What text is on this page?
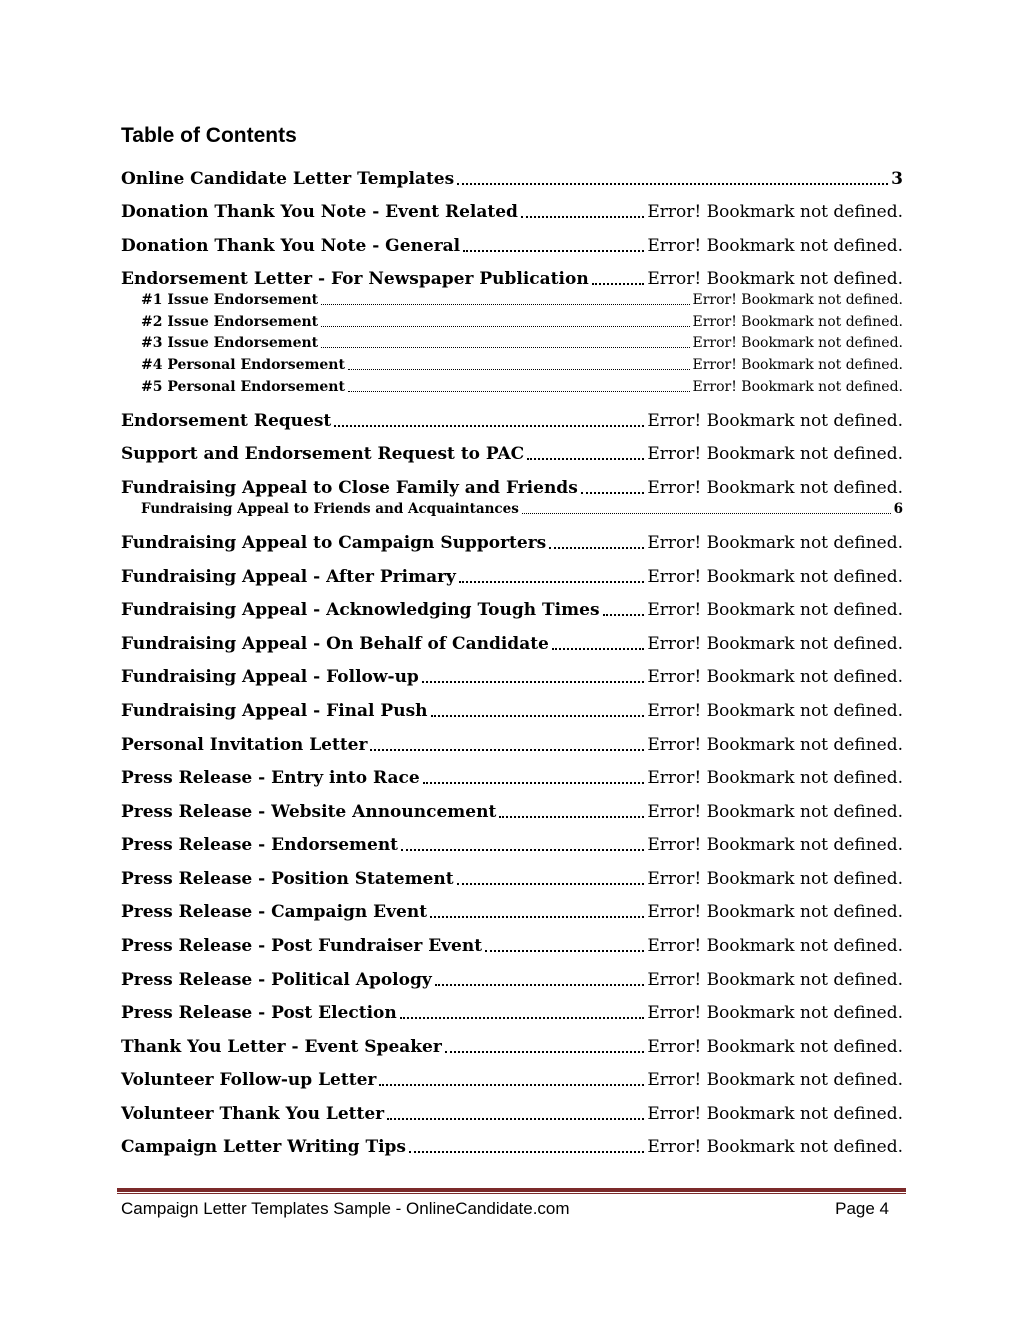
Table of Contents
Online Candidate Letter Templates	3
Donation Thank You Note - Event Related	Error! Bookmark not defined.
Donation Thank You Note - General	Error! Bookmark not defined.
Endorsement Letter - For Newspaper Publication	Error! Bookmark not defined.
#1 Issue Endorsement	Error! Bookmark not defined.
#2 Issue Endorsement	Error! Bookmark not defined.
#3 Issue Endorsement	Error! Bookmark not defined.
#4 Personal Endorsement	Error! Bookmark not defined.
#5 Personal Endorsement	Error! Bookmark not defined.
Endorsement Request	Error! Bookmark not defined.
Support and Endorsement Request to PAC	Error! Bookmark not defined.
Fundraising Appeal to Close Family and Friends	Error! Bookmark not defined.
Fundraising Appeal to Friends and Acquaintances	6
Fundraising Appeal to Campaign Supporters	Error! Bookmark not defined.
Fundraising Appeal - After Primary	Error! Bookmark not defined.
Fundraising Appeal - Acknowledging Tough Times	Error! Bookmark not defined.
Fundraising Appeal - On Behalf of Candidate	Error! Bookmark not defined.
Fundraising Appeal - Follow-up	Error! Bookmark not defined.
Fundraising Appeal - Final Push	Error! Bookmark not defined.
Personal Invitation Letter	Error! Bookmark not defined.
Press Release - Entry into Race	Error! Bookmark not defined.
Press Release - Website Announcement	Error! Bookmark not defined.
Press Release - Endorsement	Error! Bookmark not defined.
Press Release - Position Statement	Error! Bookmark not defined.
Press Release - Campaign Event	Error! Bookmark not defined.
Press Release - Post Fundraiser Event	Error! Bookmark not defined.
Press Release - Political Apology	Error! Bookmark not defined.
Press Release - Post Election	Error! Bookmark not defined.
Thank You Letter - Event Speaker	Error! Bookmark not defined.
Volunteer Follow-up Letter	Error! Bookmark not defined.
Volunteer Thank You Letter	Error! Bookmark not defined.
Campaign Letter Writing Tips	Error! Bookmark not defined.
Campaign Letter Templates Sample - OnlineCandidate.com	Page 4
